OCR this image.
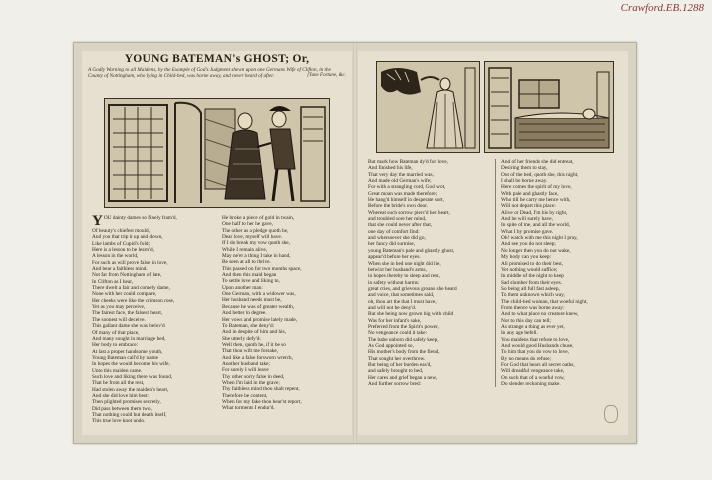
Crawford.EB.1288
YOUNG BATEMAN's GHOST; Or,
A Godly Warning to all Maidens, by the Example of God's Judgment shewn upon one Germans Wife of Clifton, in the County of Nottingham, who lying in Child-bed, was borne away, and never heard of after.	[Tune Fortune, &c.
YOU dainty dames so finely fram'd,
Of beauty's chiefest mould,
And you that trip it up and down,
Like lambs of Cupid's fold;
Here is a lesson to be learn'd,
A lesson in the world,
For such as will prove false in love,
And bear a faithless mind.
Not far from Nottingham of late,
In Clifton as I hear,
There dwelt a fair and comely dame,
None with her could compare,
Her cheeks were like the crimson rose,
Yet as you may perceive,
The fairest face, the falsest heart,
The soonest will deceive.
This gallant dame she was belov'd
Of many of that place,
And many sought in marriage bed,
Her body to embrace:
At last a proper handsome youth,
Young Bateman call'd by name
In hopes the would become his wife,
Unto this maiden came.
Such love and liking there was found,
That he from all the rest,
Had stolen away the maiden's heart,
And she did love him best:
Then plighted promises secretly,
Did pass between them two,
That nothing could but death itself,
This true love knot undo.
He broke a piece of gold in twain,
One half to her he gave,
The other as a pledge quoth he,
Dear love, myself will have.
If I do break my vow quoth she,
While I remain alive,
May ne'er a thing I take in hand,
Be seen at all to thrive.
This passed on for two months space,
And then this maid began
To settle love and liking to,
Upon another man:
One German, with a widower was,
Her husband needs must be,
Because he was of greater wealth,
And better in degree.
Her vows and promise lately made,
To Bateman, she deny'd:
And in despite of him and his,
She utterly defy'd:
Well then, quoth he, if it be so
That thou wilt me forsake,
And like a false forsworn wretch,
Another husband take;
For surely I will leave
Thy other sorry false in deed,
When I'm laid in the grave;
Thy faithless mind thou shalt repent,
Therefore be content,
When for my fake thou hear'st report,
What torments I endur'd.
But mark how Bateman dy'd for love,
And finished his life,
That very day the married was,
And made old German's wife;
For with a strangling cord, God wot,
Great moan was made therefore;
He hang'd himself in desperate sort,
Before the bride's own door.
Whereat such sorrow pierc'd her heart,
and troubled sore her mind,
that she could never after that,
one day of comfort find:
and whersoever she did go,
her fancy did surmise,
young Bateman's pale and ghastly ghost,
appear'd before her eyes.
When she in bed one night did lie,
betwixt her husband's arms,
in hopes thereby to sleep and rest,
in safety without harms:
great cries, and grievous groans she heard
and voice, that sometimes said,
oh, thou art the that I must have,
and will not be deny'd.
But she being now grown big with child
Was for her infant's sake,
Preferred from the Spirit's power,
No vengeance could it take:
The babe unborn did safely keep,
As God appointed so,
His mother's body from the fiend,
That sought her overthrow.
But being of her burden eas'd,
and safely brought to bed,
Her cares and grief began a new,
And further sorrow bred:
And of her friends she did entreat,
Desiring them to stay,
Out of the bed, quoth she, this night,
I shall be borne away.
Here comes the spirit of my love,
With pale and ghastly face,
Who till he carry me hence with,
Will not depart this place:
Alive or Dead, I'm his by right,
And he will surely have,
In spite of me, and all the world,
What I by promise gave.
Oh! watch with me this night I pray,
And see you do not sleep;
No longer then you do not wake,
My body can you keep:
All promised to do their best,
Yet nothing would suffice;
In middle of the night to keep
Sad slumber from their eyes.
So being all full fast asleep,
To them unknown which way,
The child-bed woman, that woeful night,
From thence was borne away:
And to what place no creature knew,
Nor to this day can tell;
As strange a thing as ever yet,
In any age befell.
You maidens that refuse to love,
And would good Husbands chuse,
To him that you do vow to love,
By no means do refuse;
For God that hears all secret oaths,
Will dreadful vengeance take,
On such that of a woeful vow,
Do slender reckoning make.
